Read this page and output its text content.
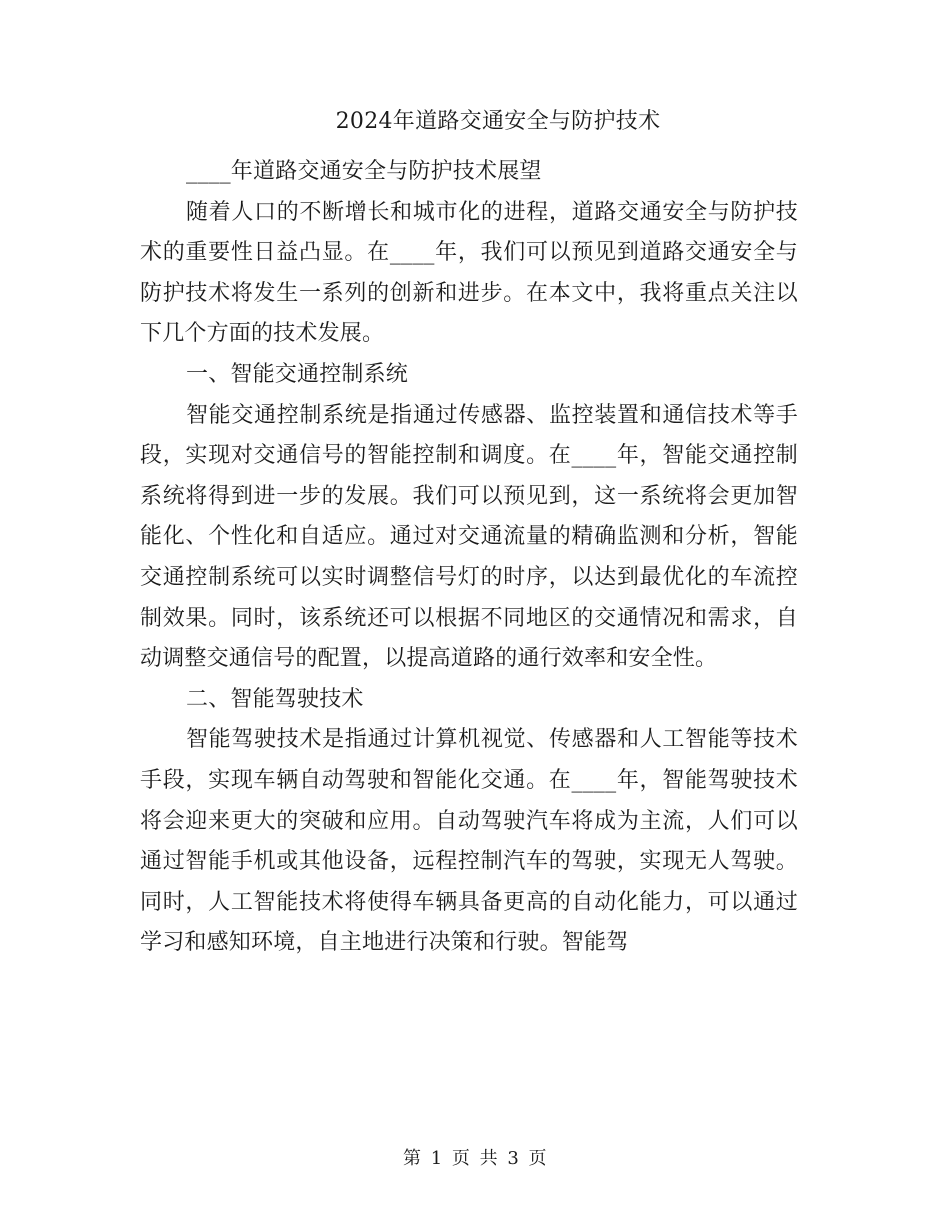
2024年道路交通安全与防护技术

____年道路交通安全与防护技术展望

随着人口的不断增长和城市化的进程，道路交通安全与防护技术的重要性日益凸显。在____年，我们可以预见到道路交通安全与防护技术将发生一系列的创新和进步。在本文中，我将重点关注以下几个方面的技术发展。

一、智能交通控制系统

智能交通控制系统是指通过传感器、监控装置和通信技术等手段，实现对交通信号的智能控制和调度。在____年，智能交通控制系统将得到进一步的发展。我们可以预见到，这一系统将会更加智能化、个性化和自适应。通过对交通流量的精确监测和分析，智能交通控制系统可以实时调整信号灯的时序，以达到最优化的车流控制效果。同时，该系统还可以根据不同地区的交通情况和需求，自动调整交通信号的配置，以提高道路的通行效率和安全性。

二、智能驾驶技术

智能驾驶技术是指通过计算机视觉、传感器和人工智能等技术手段，实现车辆自动驾驶和智能化交通。在____年，智能驾驶技术将会迎来更大的突破和应用。自动驾驶汽车将成为主流，人们可以通过智能手机或其他设备，远程控制汽车的驾驶，实现无人驾驶。同时，人工智能技术将使得车辆具备更高的自动化能力，可以通过学习和感知环境，自主地进行决策和行驶。智能驾

第 1 页 共 3 页
